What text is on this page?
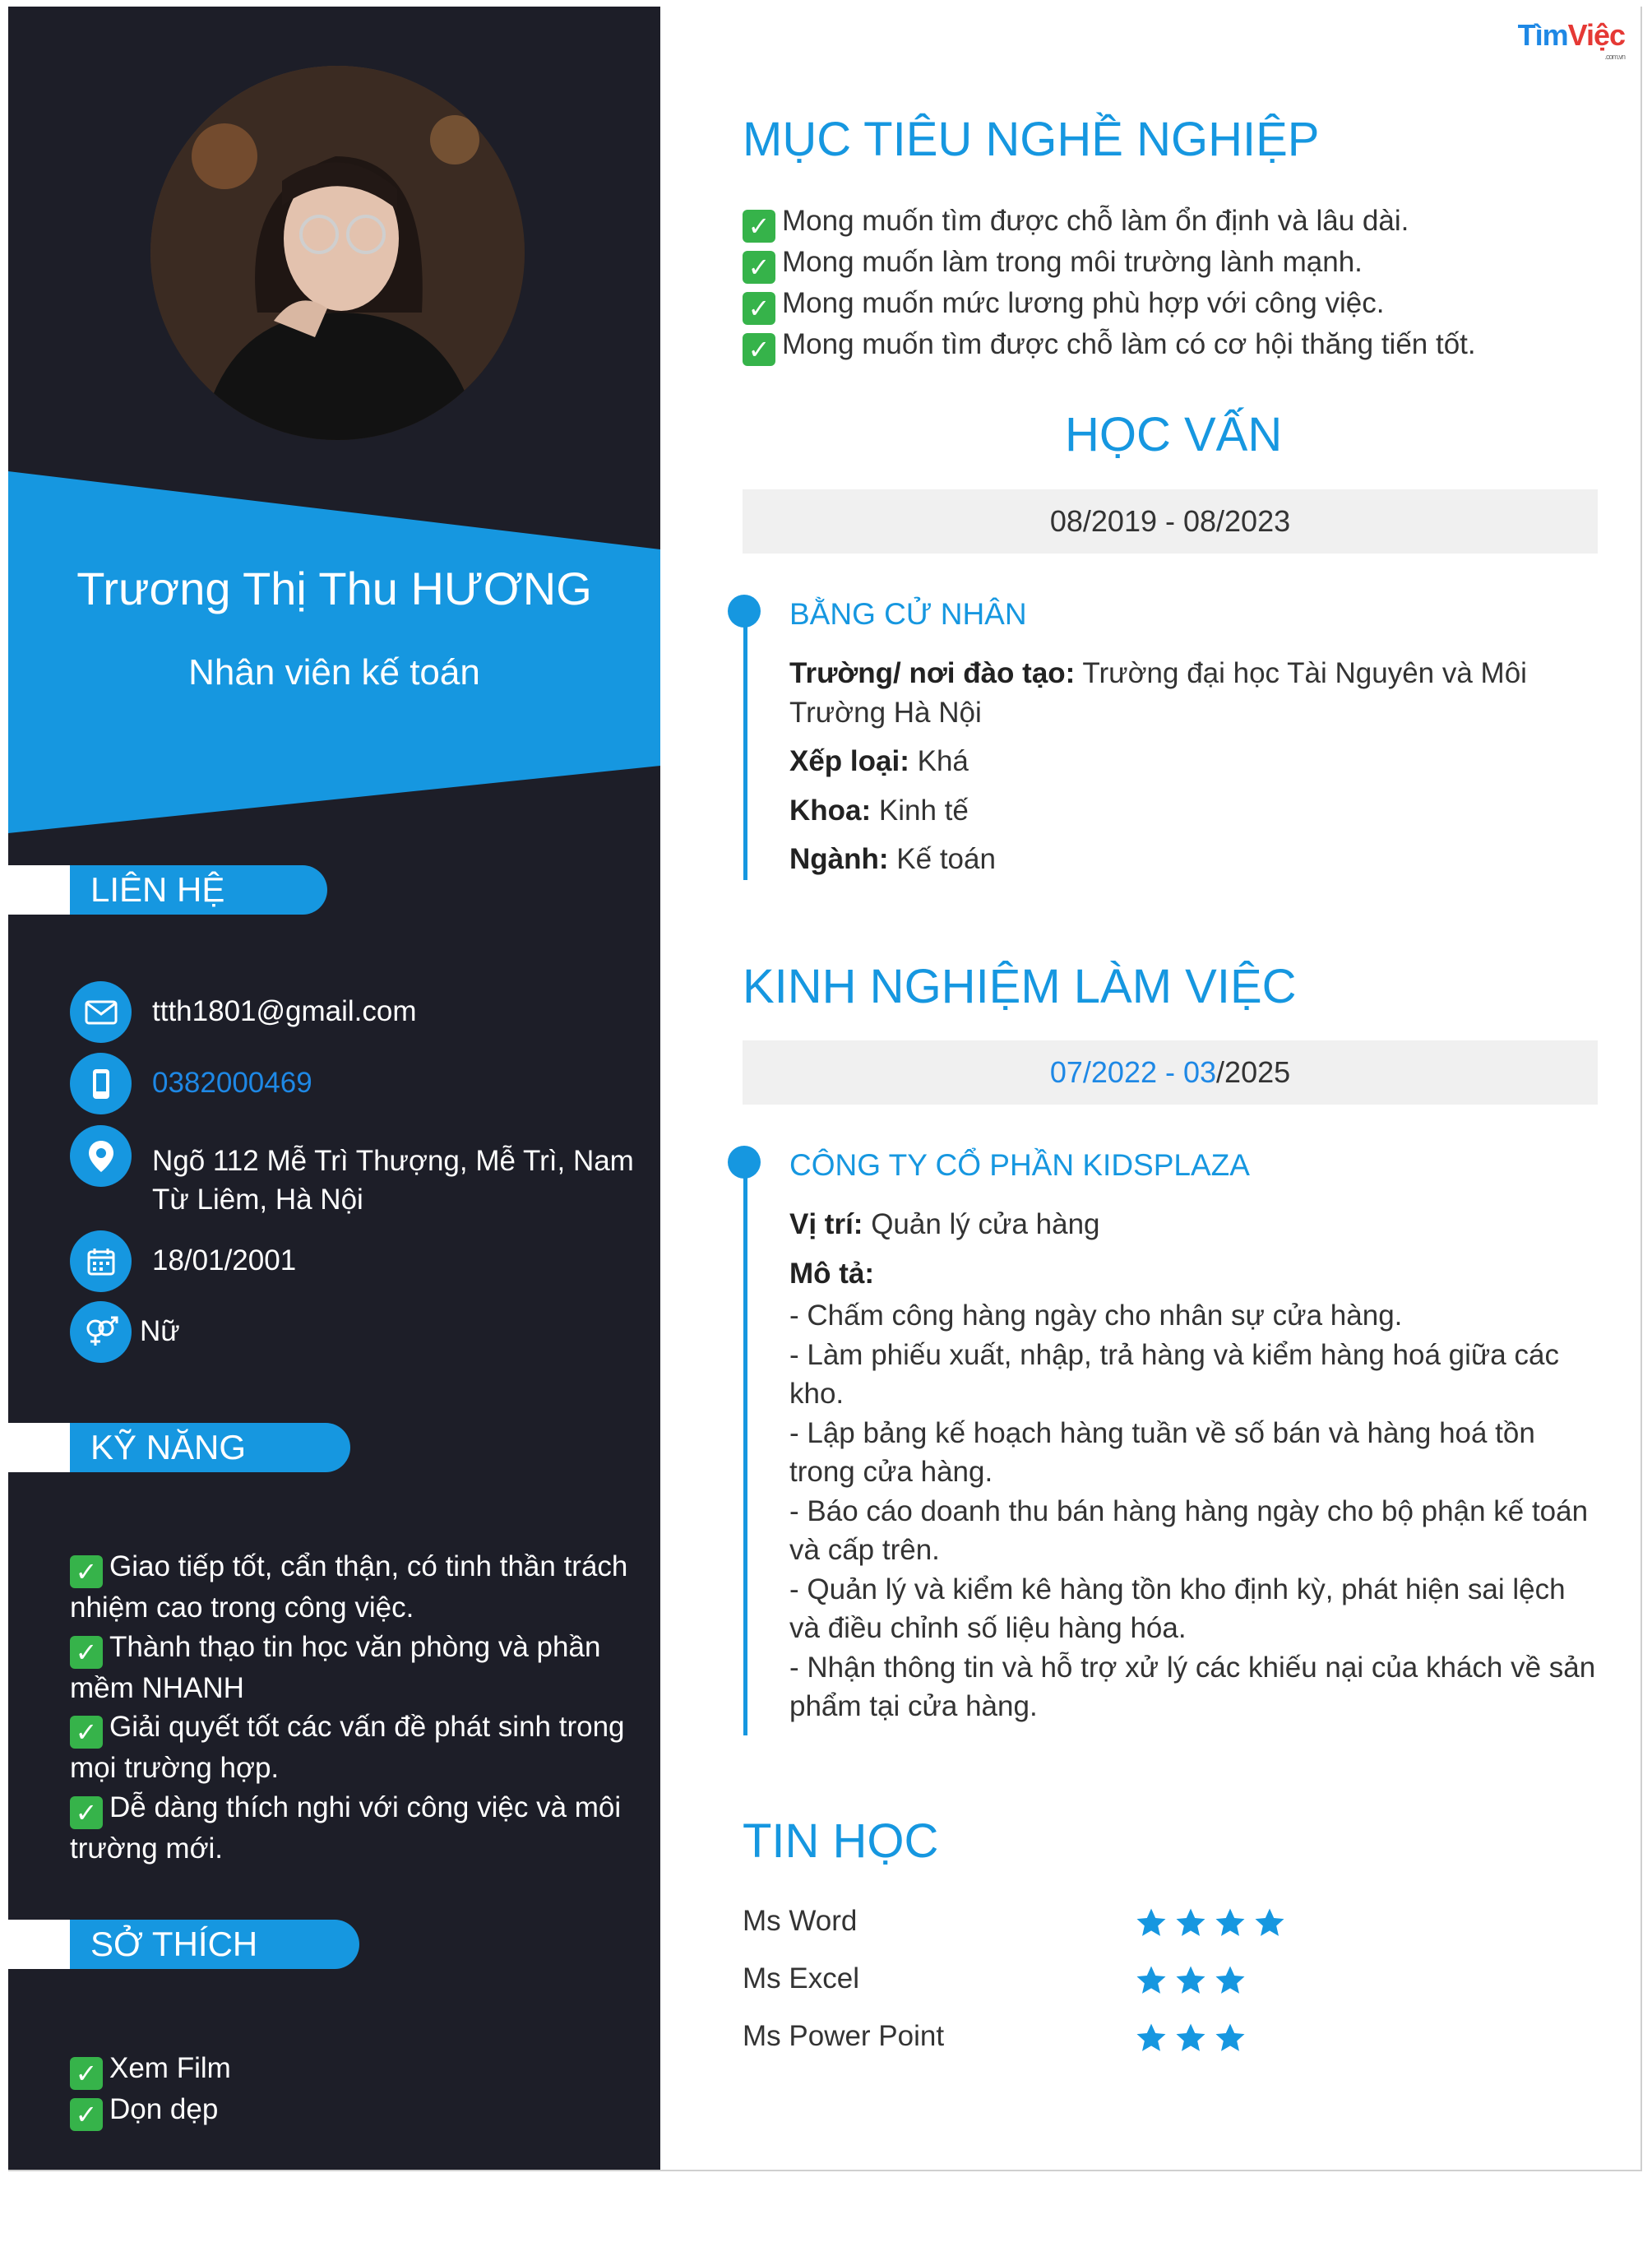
Trương Thị Thu HƯƠNG
Nhân viên kế toán
LIÊN HỆ
ttth1801@gmail.com
0382000469
Ngõ 112 Mễ Trì Thượng, Mễ Trì, Nam
Từ Liêm, Hà Nội
18/01/2001
Nữ
KỸ NĂNG
✓ Giao tiếp tốt, cẩn thận, có tinh thần trách nhiệm cao trong công việc.
✓ Thành thạo tin học văn phòng và phần mềm NHANH
✓ Giải quyết tốt các vấn đề phát sinh trong mọi trường hợp.
✓ Dễ dàng thích nghi với công việc và môi trường mới.
SỞ THÍCH
✓ Xem Film
✓ Dọn dẹp
TìmViệc
.com.vn
MỤC TIÊU NGHỀ NGHIỆP
✓ Mong muốn tìm được chỗ làm ổn định và lâu dài.
✓ Mong muốn làm trong môi trường lành mạnh.
✓ Mong muốn mức lương phù hợp với công việc.
✓ Mong muốn tìm được chỗ làm có cơ hội thăng tiến tốt.
HỌC VẤN
08/2019 - 08/2023
BẰNG CỬ NHÂN

Trường/ nơi đào tạo: Trường đại học Tài Nguyên và Môi Trường Hà Nội

Xếp loại: Khá

Khoa: Kinh tế

Ngành: Kế toán

KINH NGHIỆM LÀM VIỆC
07/2022 - 03/2025
CÔNG TY CỔ PHẦN KIDSPLAZA

Vị trí: Quản lý cửa hàng

Mô tả:

- Chấm công hàng ngày cho nhân sự cửa hàng.
- Làm phiếu xuất, nhập, trả hàng và kiểm hàng hoá giữa các kho.
- Lập bảng kế hoạch hàng tuần về số bán và hàng hoá tồn trong cửa hàng.
- Báo cáo doanh thu bán hàng hàng ngày cho bộ phận kế toán và cấp trên.
- Quản lý và kiểm kê hàng tồn kho định kỳ, phát hiện sai lệch và điều chỉnh số liệu hàng hóa.
- Nhận thông tin và hỗ trợ xử lý các khiếu nại của khách về sản phẩm tại cửa hàng.
TIN HỌC
Ms Word
Ms Excel
Ms Power Point
